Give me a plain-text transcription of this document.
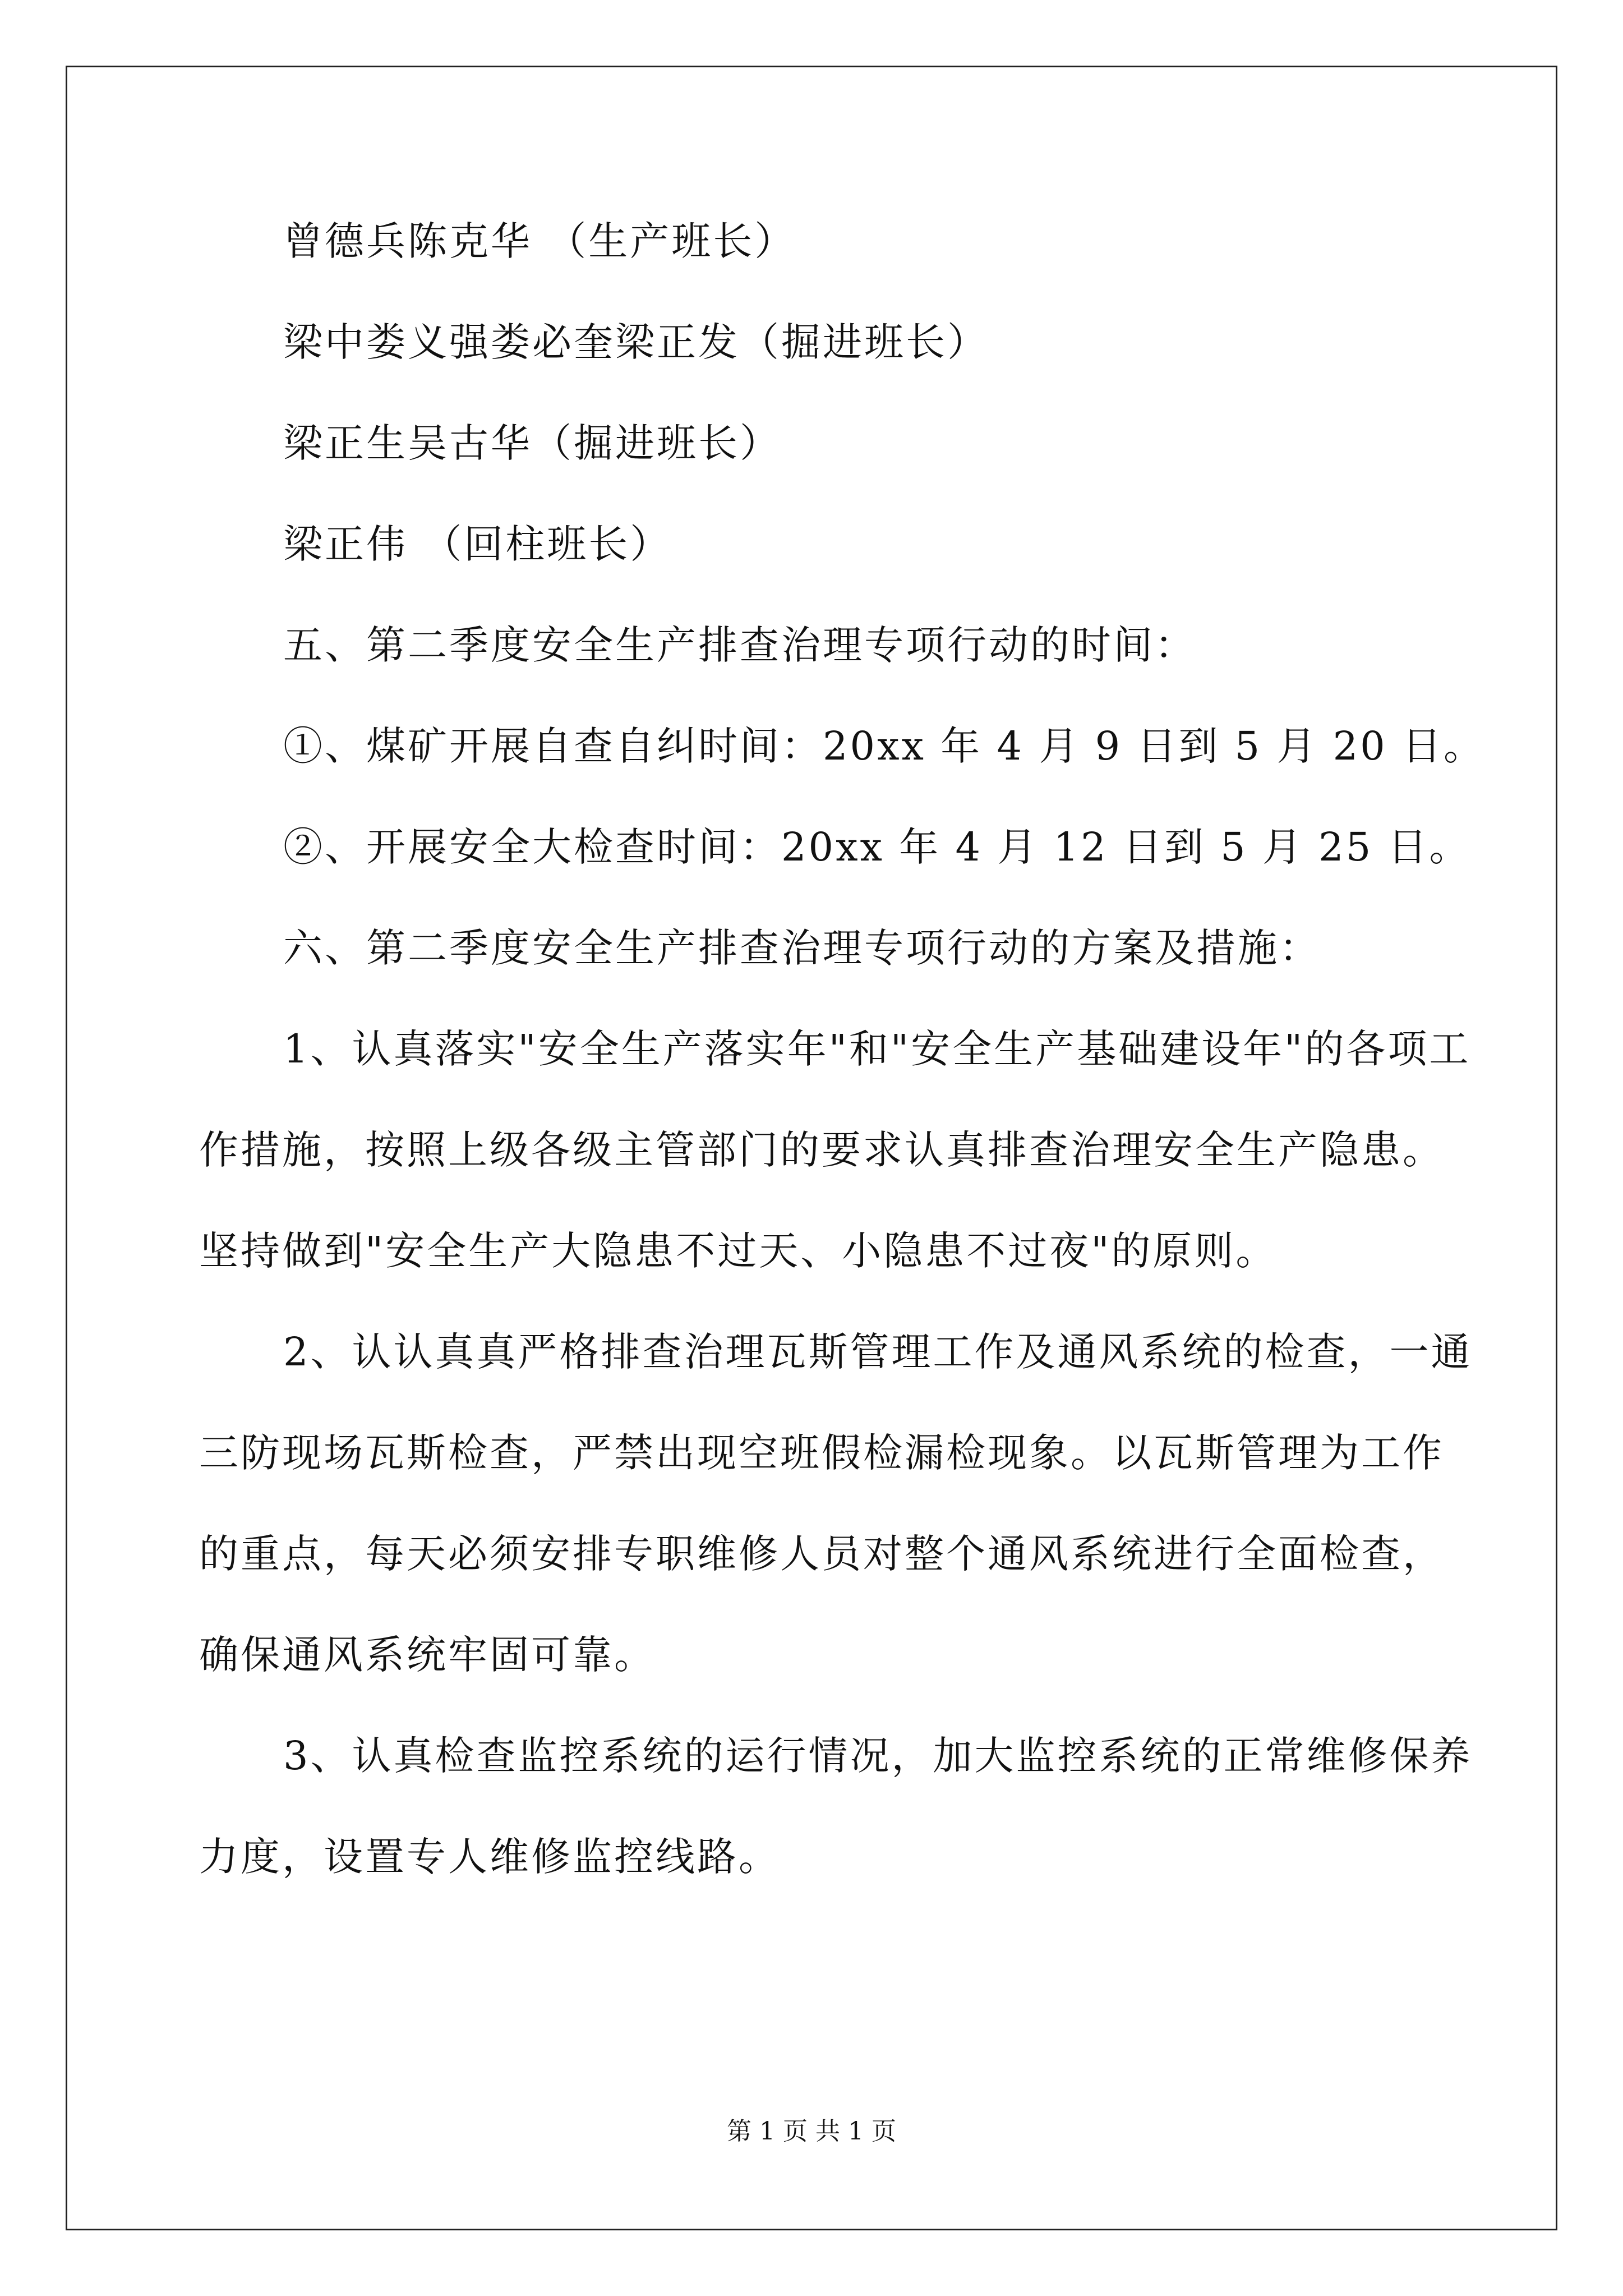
曾德兵陈克华 （生产班长）
梁中娄义强娄必奎梁正发（掘进班长）
梁正生吴古华（掘进班长）
梁正伟 （回柱班长）
五、第二季度安全生产排查治理专项行动的时间：
①、煤矿开展自查自纠时间：20xx 年 4 月 9 日到 5 月 20 日。
②、开展安全大检查时间：20xx 年 4 月 12 日到 5 月 25 日。
六、第二季度安全生产排查治理专项行动的方案及措施：
1、认真落实"安全生产落实年"和"安全生产基础建设年"的各项工
作措施，按照上级各级主管部门的要求认真排查治理安全生产隐患。
坚持做到"安全生产大隐患不过天、小隐患不过夜"的原则。
2、认认真真严格排查治理瓦斯管理工作及通风系统的检查，一通
三防现场瓦斯检查，严禁出现空班假检漏检现象。以瓦斯管理为工作
的重点，每天必须安排专职维修人员对整个通风系统进行全面检查，
确保通风系统牢固可靠。
3、认真检查监控系统的运行情况，加大监控系统的正常维修保养
力度，设置专人维修监控线路。
第 1 页 共 1 页
